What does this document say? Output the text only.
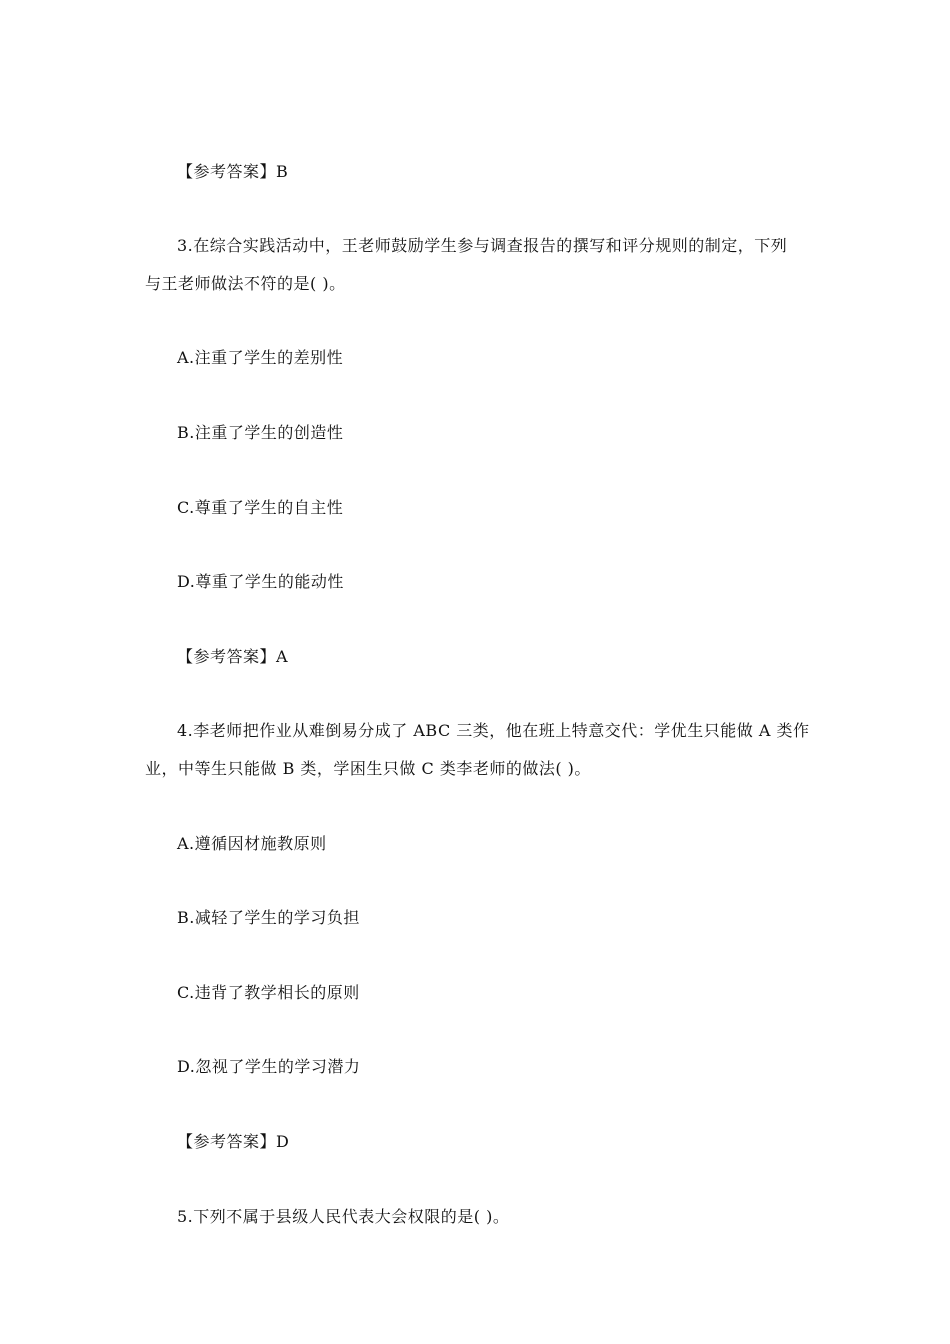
【参考答案】B
3.在综合实践活动中，王老师鼓励学生参与调查报告的撰写和评分规则的制定，下列
与王老师做法不符的是( )。
A.注重了学生的差别性
B.注重了学生的创造性
C.尊重了学生的自主性
D.尊重了学生的能动性
【参考答案】A
4.李老师把作业从难倒易分成了 ABC 三类，他在班上特意交代：学优生只能做 A 类作
业，中等生只能做 B 类，学困生只做 C 类李老师的做法( )。
A.遵循因材施教原则
B.减轻了学生的学习负担
C.违背了教学相长的原则
D.忽视了学生的学习潜力
【参考答案】D
5.下列不属于县级人民代表大会权限的是( )。
